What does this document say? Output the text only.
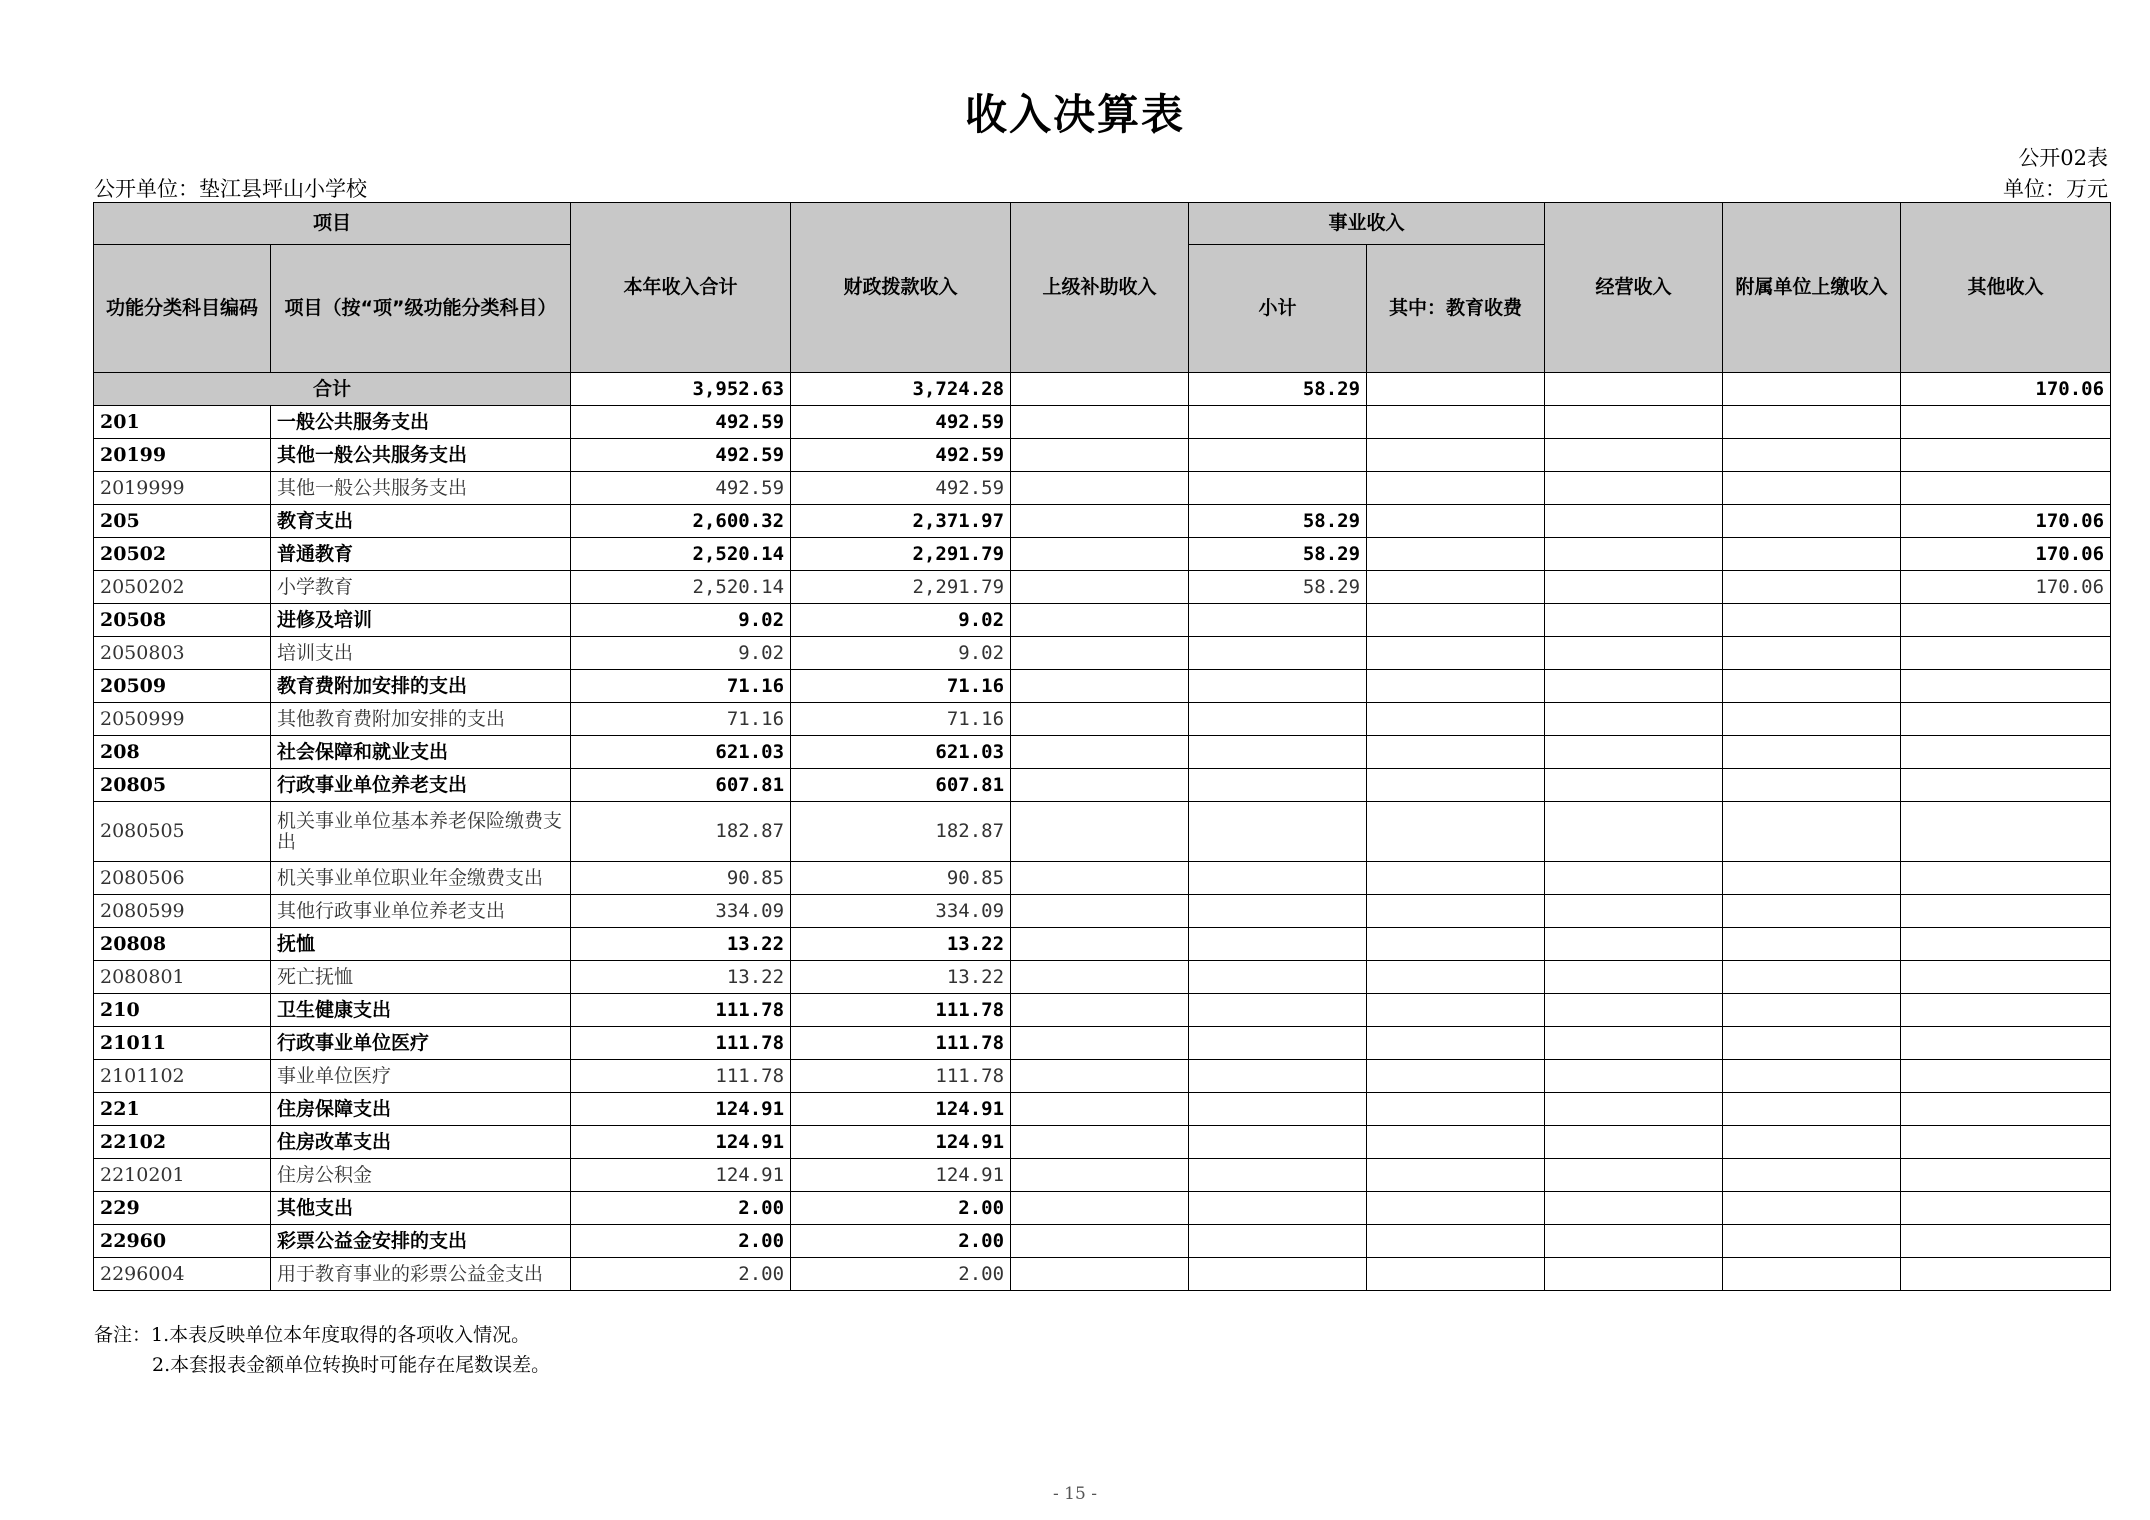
收入决算表
公开02表
公开单位：垫江县坪山小学校	单位：万元
项目		本年收入合计	财政拨款收入	上级补助收入	事业收入		经营收入	附属单位上缴收入	其他收入
功能分类科目编码	项目（按“项”级功能分类科目）				小计	其中：教育收费			
合计		3,952.63	3,724.28		58.29				170.06
201	一般公共服务支出	492.59	492.59						
20199	其他一般公共服务支出	492.59	492.59						
2019999	其他一般公共服务支出	492.59	492.59						
205	教育支出	2,600.32	2,371.97		58.29				170.06
20502	普通教育	2,520.14	2,291.79		58.29				170.06
2050202	小学教育	2,520.14	2,291.79		58.29				170.06
20508	进修及培训	9.02	9.02						
2050803	培训支出	9.02	9.02						
20509	教育费附加安排的支出	71.16	71.16						
2050999	其他教育费附加安排的支出	71.16	71.16						
208	社会保障和就业支出	621.03	621.03						
20805	行政事业单位养老支出	607.81	607.81						
2080505	机关事业单位基本养老保险缴费支出	182.87	182.87						
2080506	机关事业单位职业年金缴费支出	90.85	90.85						
2080599	其他行政事业单位养老支出	334.09	334.09						
20808	抚恤	13.22	13.22						
2080801	死亡抚恤	13.22	13.22						
210	卫生健康支出	111.78	111.78						
21011	行政事业单位医疗	111.78	111.78						
2101102	事业单位医疗	111.78	111.78						
221	住房保障支出	124.91	124.91						
22102	住房改革支出	124.91	124.91						
2210201	住房公积金	124.91	124.91						
229	其他支出	2.00	2.00						
22960	彩票公益金安排的支出	2.00	2.00						
2296004	用于教育事业的彩票公益金支出	2.00	2.00						
备注：1.本表反映单位本年度取得的各项收入情况。
2.本套报表金额单位转换时可能存在尾数误差。
- 15 -
